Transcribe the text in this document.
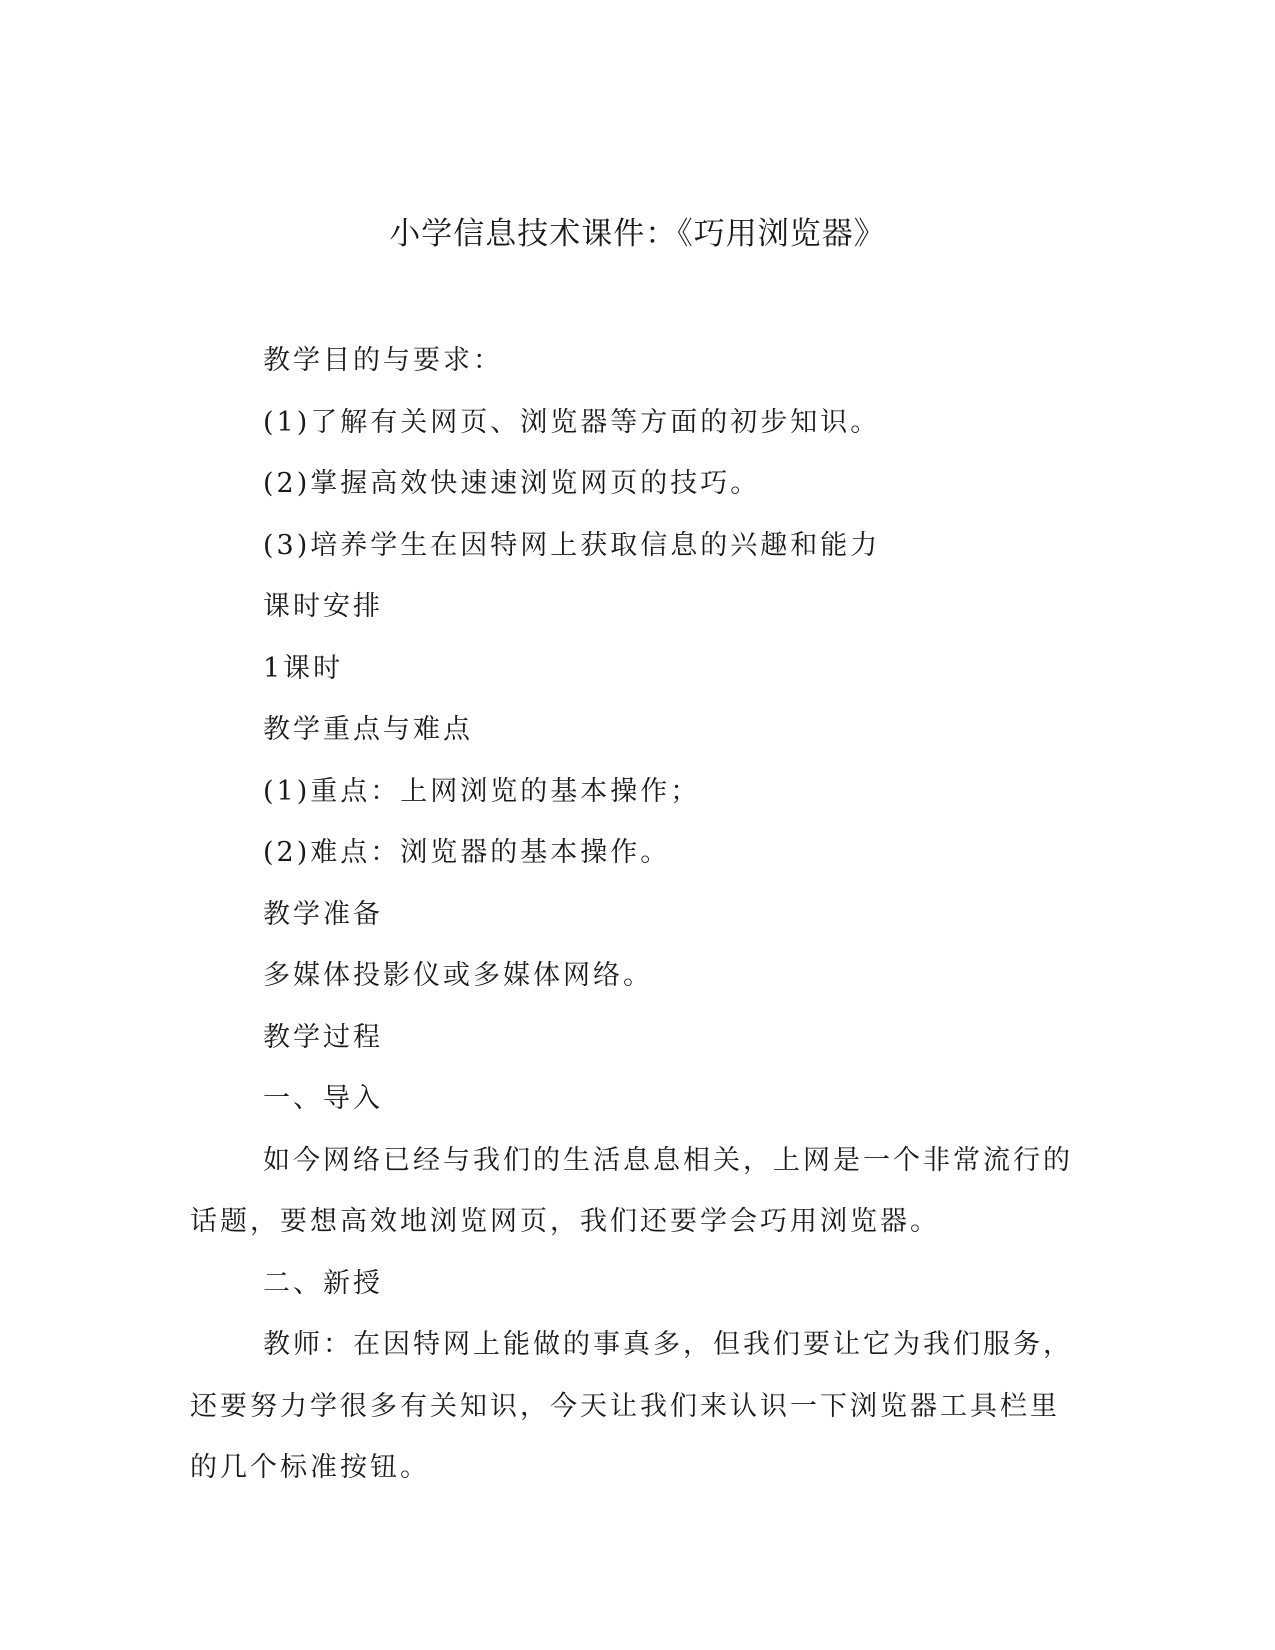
小学信息技术课件：《巧用浏览器》

教学目的与要求：

(1)了解有关网页、浏览器等方面的初步知识。

(2)掌握高效快速速浏览网页的技巧。

(3)培养学生在因特网上获取信息的兴趣和能力

课时安排

1课时

教学重点与难点

(1)重点：上网浏览的基本操作；

(2)难点：浏览器的基本操作。

教学准备

多媒体投影仪或多媒体网络。

教学过程

一、导入

如今网络已经与我们的生活息息相关，上网是一个非常流行的话题，要想高效地浏览网页，我们还要学会巧用浏览器。

二、新授

教师：在因特网上能做的事真多，但我们要让它为我们服务，还要努力学很多有关知识，今天让我们来认识一下浏览器工具栏里的几个标准按钮。
